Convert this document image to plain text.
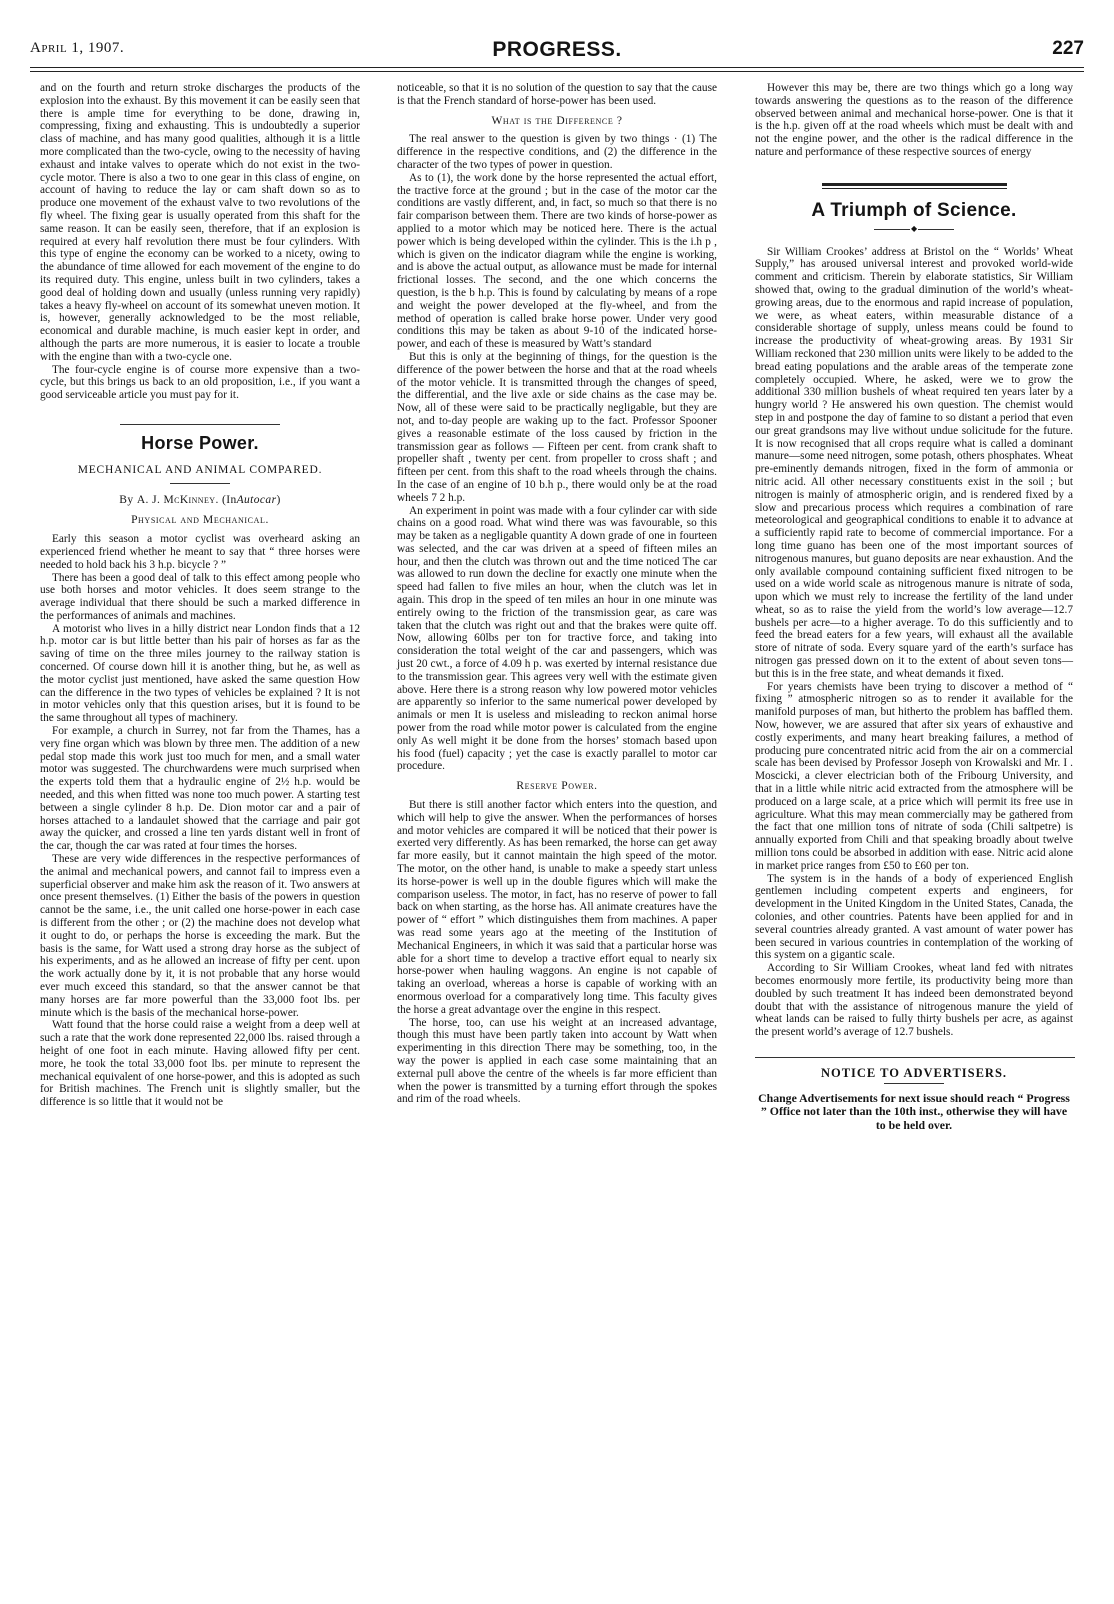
April 1, 1907.	PROGRESS.	227

and on the fourth and return stroke discharges the products of the explosion into the exhaust. By this movement it can be easily seen that there is ample time for everything to be done, drawing in, compressing, fixing and exhausting. This is undoubtedly a superior class of machine, and has many good qualities, although it is a little more complicated than the two-cycle, owing to the necessity of having exhaust and intake valves to operate which do not exist in the two-cycle motor. There is also a two to one gear in this class of engine, on account of having to reduce the lay or cam shaft down so as to produce one movement of the exhaust valve to two revolutions of the fly wheel. The fixing gear is usually operated from this shaft for the same reason. It can be easily seen, therefore, that if an explosion is required at every half revolution there must be four cylinders. With this type of engine the economy can be worked to a nicety, owing to the abundance of time allowed for each movement of the engine to do its required duty. This engine, unless built in two cylinders, takes a good deal of holding down and usually (unless running very rapidly) takes a heavy fly-wheel on account of its somewhat uneven motion. It is, however, generally acknowledged to be the most reliable, economical and durable machine, is much easier kept in order, and although the parts are more numerous, it is easier to locate a trouble with the engine than with a two-cycle one.

The four-cycle engine is of course more expensive than a two-cycle, but this brings us back to an old proposition, i.e., if you want a good serviceable article you must pay for it.

Horse Power.
MECHANICAL AND ANIMAL COMPARED.
By A. J. McKinney. (InAutocar)
Physical and Mechanical.

Early this season a motor cyclist was overheard asking an experienced friend whether he meant to say that “ three horses were needed to hold back his 3 h.p. bicycle ? ”

There has been a good deal of talk to this effect among people who use both horses and motor vehicles. It does seem strange to the average individual that there should be such a marked difference in the performances of animals and machines.

A motorist who lives in a hilly district near London finds that a 12 h.p. motor car is but little better than his pair of horses as far as the saving of time on the three miles journey to the railway station is concerned. Of course down hill it is another thing, but he, as well as the motor cyclist just mentioned, have asked the same question How can the difference in the two types of vehicles be explained ? It is not in motor vehicles only that this question arises, but it is found to be the same throughout all types of machinery.

For example, a church in Surrey, not far from the Thames, has a very fine organ which was blown by three men. The addition of a new pedal stop made this work just too much for men, and a small water motor was suggested. The churchwardens were much surprised when the experts told them that a hydraulic engine of 2½ h.p. would be needed, and this when fitted was none too much power. A starting test between a single cylinder 8 h.p. De. Dion motor car and a pair of horses attached to a landaulet showed that the carriage and pair got away the quicker, and crossed a line ten yards distant well in front of the car, though the car was rated at four times the horses.

These are very wide differences in the respective performances of the animal and mechanical powers, and cannot fail to impress even a superficial observer and make him ask the reason of it. Two answers at once present themselves. (1) Either the basis of the powers in question cannot be the same, i.e., the unit called one horse-power in each case is different from the other ; or (2) the machine does not develop what it ought to do, or perhaps the horse is exceeding the mark. But the basis is the same, for Watt used a strong dray horse as the subject of his experiments, and as he allowed an increase of fifty per cent. upon the work actually done by it, it is not probable that any horse would ever much exceed this standard, so that the answer cannot be that many horses are far more powerful than the 33,000 foot lbs. per minute which is the basis of the mechanical horse-power.

Watt found that the horse could raise a weight from a deep well at such a rate that the work done represented 22,000 lbs. raised through a height of one foot in each minute. Having allowed fifty per cent. more, he took the total 33,000 foot lbs. per minute to represent the mechanical equivalent of one horse-power, and this is adopted as such for British machines. The French unit is slightly smaller, but the difference is so little that it would not be

noticeable, so that it is no solution of the question to say that the cause is that the French standard of horse-power has been used.

What is the Difference ?

The real answer to the question is given by two things · (1) The difference in the respective conditions, and (2) the difference in the character of the two types of power in question.

As to (1), the work done by the horse represented the actual effort, the tractive force at the ground ; but in the case of the motor car the conditions are vastly different, and, in fact, so much so that there is no fair comparison between them. There are two kinds of horse-power as applied to a motor which may be noticed here. There is the actual power which is being developed within the cylinder. This is the i.h p , which is given on the indicator diagram while the engine is working, and is above the actual output, as allowance must be made for internal frictional losses. The second, and the one which concerns the question, is the b h.p. This is found by calculating by means of a rope and weight the power developed at the fly-wheel, and from the method of operation is called brake horse power. Under very good conditions this may be taken as about 9-10 of the indicated horse-power, and each of these is measured by Watt’s standard

But this is only at the beginning of things, for the question is the difference of the power between the horse and that at the road wheels of the motor vehicle. It is transmitted through the changes of speed, the differential, and the live axle or side chains as the case may be. Now, all of these were said to be practically negligable, but they are not, and to-day people are waking up to the fact. Professor Spooner gives a reasonable estimate of the loss caused by friction in the transmission gear as follows — Fifteen per cent. from crank shaft to propeller shaft , twenty per cent. from propeller to cross shaft ; and fifteen per cent. from this shaft to the road wheels through the chains. In the case of an engine of 10 b.h p., there would only be at the road wheels 7 2 h.p.

An experiment in point was made with a four cylinder car with side chains on a good road. What wind there was was favourable, so this may be taken as a negligable quantity A down grade of one in fourteen was selected, and the car was driven at a speed of fifteen miles an hour, and then the clutch was thrown out and the time noticed The car was allowed to run down the decline for exactly one minute when the speed had fallen to five miles an hour, when the clutch was let in again. This drop in the speed of ten miles an hour in one minute was entirely owing to the friction of the transmission gear, as care was taken that the clutch was right out and that the brakes were quite off. Now, allowing 60lbs per ton for tractive force, and taking into consideration the total weight of the car and passengers, which was just 20 cwt., a force of 4.09 h p. was exerted by internal resistance due to the transmission gear. This agrees very well with the estimate given above. Here there is a strong reason why low powered motor vehicles are apparently so inferior to the same numerical power developed by animals or men It is useless and misleading to reckon animal horse power from the road while motor power is calculated from the engine only As well might it be done from the horses’ stomach based upon his food (fuel) capacity ; yet the case is exactly parallel to motor car procedure.

Reserve Power.

But there is still another factor which enters into the question, and which will help to give the answer. When the performances of horses and motor vehicles are compared it will be noticed that their power is exerted very differently. As has been remarked, the horse can get away far more easily, but it cannot maintain the high speed of the motor. The motor, on the other hand, is unable to make a speedy start unless its horse-power is well up in the double figures which will make the comparison useless. The motor, in fact, has no reserve of power to fall back on when starting, as the horse has. All animate creatures have the power of “ effort ” which distinguishes them from machines. A paper was read some years ago at the meeting of the Institution of Mechanical Engineers, in which it was said that a particular horse was able for a short time to develop a tractive effort equal to nearly six horse-power when hauling waggons. An engine is not capable of taking an overload, whereas a horse is capable of working with an enormous overload for a comparatively long time. This faculty gives the horse a great advantage over the engine in this respect.

The horse, too, can use his weight at an increased advantage, though this must have been partly taken into account by Watt when experimenting in this direction There may be something, too, in the way the power is applied in each case some maintaining that an external pull above the centre of the wheels is far more efficient than when the power is transmitted by a turning effort through the spokes and rim of the road wheels.

However this may be, there are two things which go a long way towards answering the questions as to the reason of the difference observed between animal and mechanical horse-power. One is that it is the h.p. given off at the road wheels which must be dealt with and not the engine power, and the other is the radical difference in the nature and performance of these respective sources of energy

A Triumph of Science.
◆

Sir William Crookes’ address at Bristol on the “ Worlds’ Wheat Supply,” has aroused universal interest and provoked world-wide comment and criticism. Therein by elaborate statistics, Sir William showed that, owing to the gradual diminution of the world’s wheat-growing areas, due to the enormous and rapid increase of population, we were, as wheat eaters, within measurable distance of a considerable shortage of supply, unless means could be found to increase the productivity of wheat-growing areas. By 1931 Sir William reckoned that 230 million units were likely to be added to the bread eating populations and the arable areas of the temperate zone completely occupied. Where, he asked, were we to grow the additional 330 million bushels of wheat required ten years later by a hungry world ? He answered his own question. The chemist would step in and postpone the day of famine to so distant a period that even our great grandsons may live without undue solicitude for the future. It is now recognised that all crops require what is called a dominant manure—some need nitrogen, some potash, others phosphates. Wheat pre-eminently demands nitrogen, fixed in the form of ammonia or nitric acid. All other necessary constituents exist in the soil ; but nitrogen is mainly of atmospheric origin, and is rendered fixed by a slow and precarious process which requires a combination of rare meteorological and geographical conditions to enable it to advance at a sufficiently rapid rate to become of commercial importance. For a long time guano has been one of the most important sources of nitrogenous manures, but guano deposits are near exhaustion. And the only available compound containing sufficient fixed nitrogen to be used on a wide world scale as nitrogenous manure is nitrate of soda, upon which we must rely to increase the fertility of the land under wheat, so as to raise the yield from the world’s low average—12.7 bushels per acre—to a higher average. To do this sufficiently and to feed the bread eaters for a few years, will exhaust all the available store of nitrate of soda. Every square yard of the earth’s surface has nitrogen gas pressed down on it to the extent of about seven tons—but this is in the free state, and wheat demands it fixed.

For years chemists have been trying to discover a method of “ fixing ” atmospheric nitrogen so as to render it available for the manifold purposes of man, but hitherto the problem has baffled them. Now, however, we are assured that after six years of exhaustive and costly experiments, and many heart breaking failures, a method of producing pure concentrated nitric acid from the air on a commercial scale has been devised by Professor Joseph von Krowalski and Mr. I . Moscicki, a clever electrician both of the Fribourg University, and that in a little while nitric acid extracted from the atmosphere will be produced on a large scale, at a price which will permit its free use in agriculture. What this may mean commercially may be gathered from the fact that one million tons of nitrate of soda (Chili saltpetre) is annually exported from Chili and that speaking broadly about twelve million tons could be absorbed in addition with ease. Nitric acid alone in market price ranges from £50 to £60 per ton.

The system is in the hands of a body of experienced English gentlemen including competent experts and engineers, for development in the United Kingdom in the United States, Canada, the colonies, and other countries. Patents have been applied for and in several countries already granted. A vast amount of water power has been secured in various countries in contemplation of the working of this system on a gigantic scale.

According to Sir William Crookes, wheat land fed with nitrates becomes enormously more fertile, its productivity being more than doubled by such treatment It has indeed been demonstrated beyond doubt that with the assistance of nitrogenous manure the yield of wheat lands can be raised to fully thirty bushels per acre, as against the present world’s average of 12.7 bushels.

NOTICE TO ADVERTISERS.
Change Advertisements for next issue should reach “ Progress ” Office not later than the 10th inst., otherwise they will have to be held over.
